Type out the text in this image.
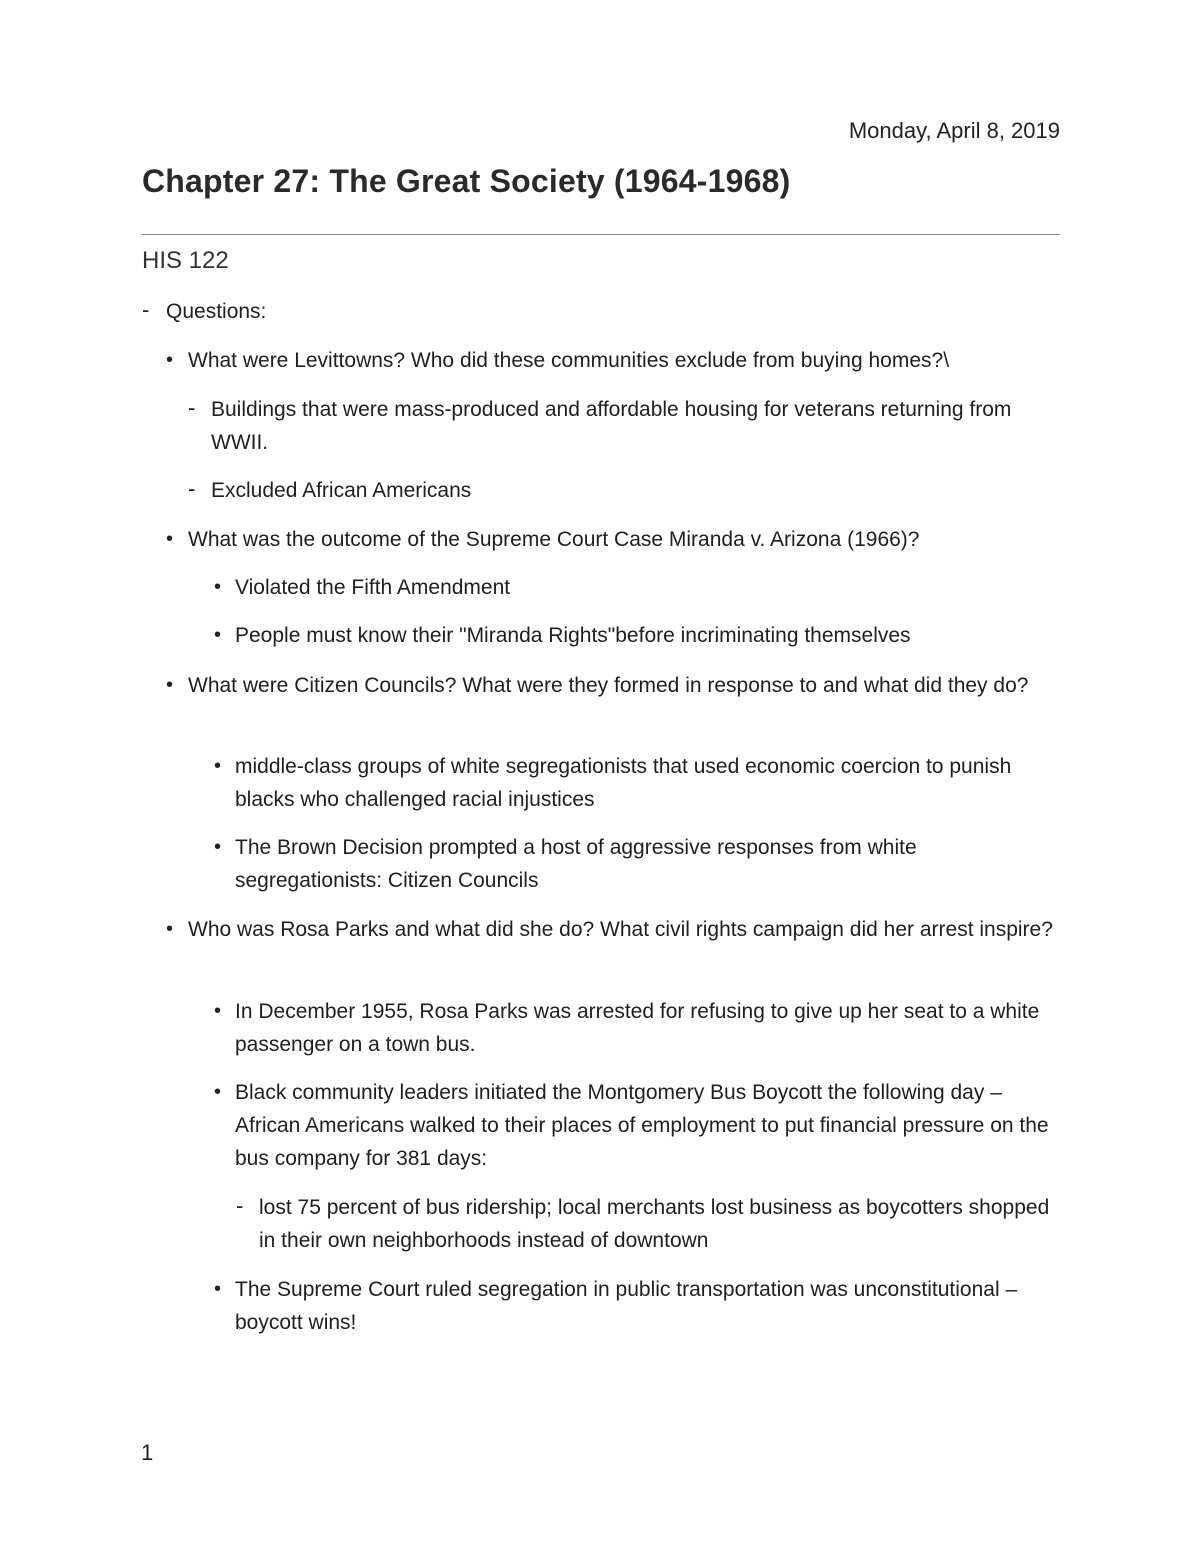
Monday, April 8, 2019
Chapter 27: The Great Society (1964-1968)
HIS 122
- Questions:
• What were Levittowns? Who did these communities exclude from buying homes?\
- Buildings that were mass-produced and affordable housing for veterans returning from WWII.
- Excluded African Americans
• What was the outcome of the Supreme Court Case Miranda v. Arizona (1966)?
• Violated the Fifth Amendment
• People must know their "Miranda Rights"before incriminating themselves
• What were Citizen Councils? What were they formed in response to and what did they do?
• middle-class groups of white segregationists that used economic coercion to punish blacks who challenged racial injustices
• The Brown Decision prompted a host of aggressive responses from white segregationists: Citizen Councils
• Who was Rosa Parks and what did she do? What civil rights campaign did her arrest inspire?
• In December 1955, Rosa Parks was arrested for refusing to give up her seat to a white passenger on a town bus.
• Black community leaders initiated the Montgomery Bus Boycott the following day – African Americans walked to their places of employment to put financial pressure on the bus company for 381 days:
- lost 75 percent of bus ridership; local merchants lost business as boycotters shopped in their own neighborhoods instead of downtown
• The Supreme Court ruled segregation in public transportation was unconstitutional – boycott wins!
1
